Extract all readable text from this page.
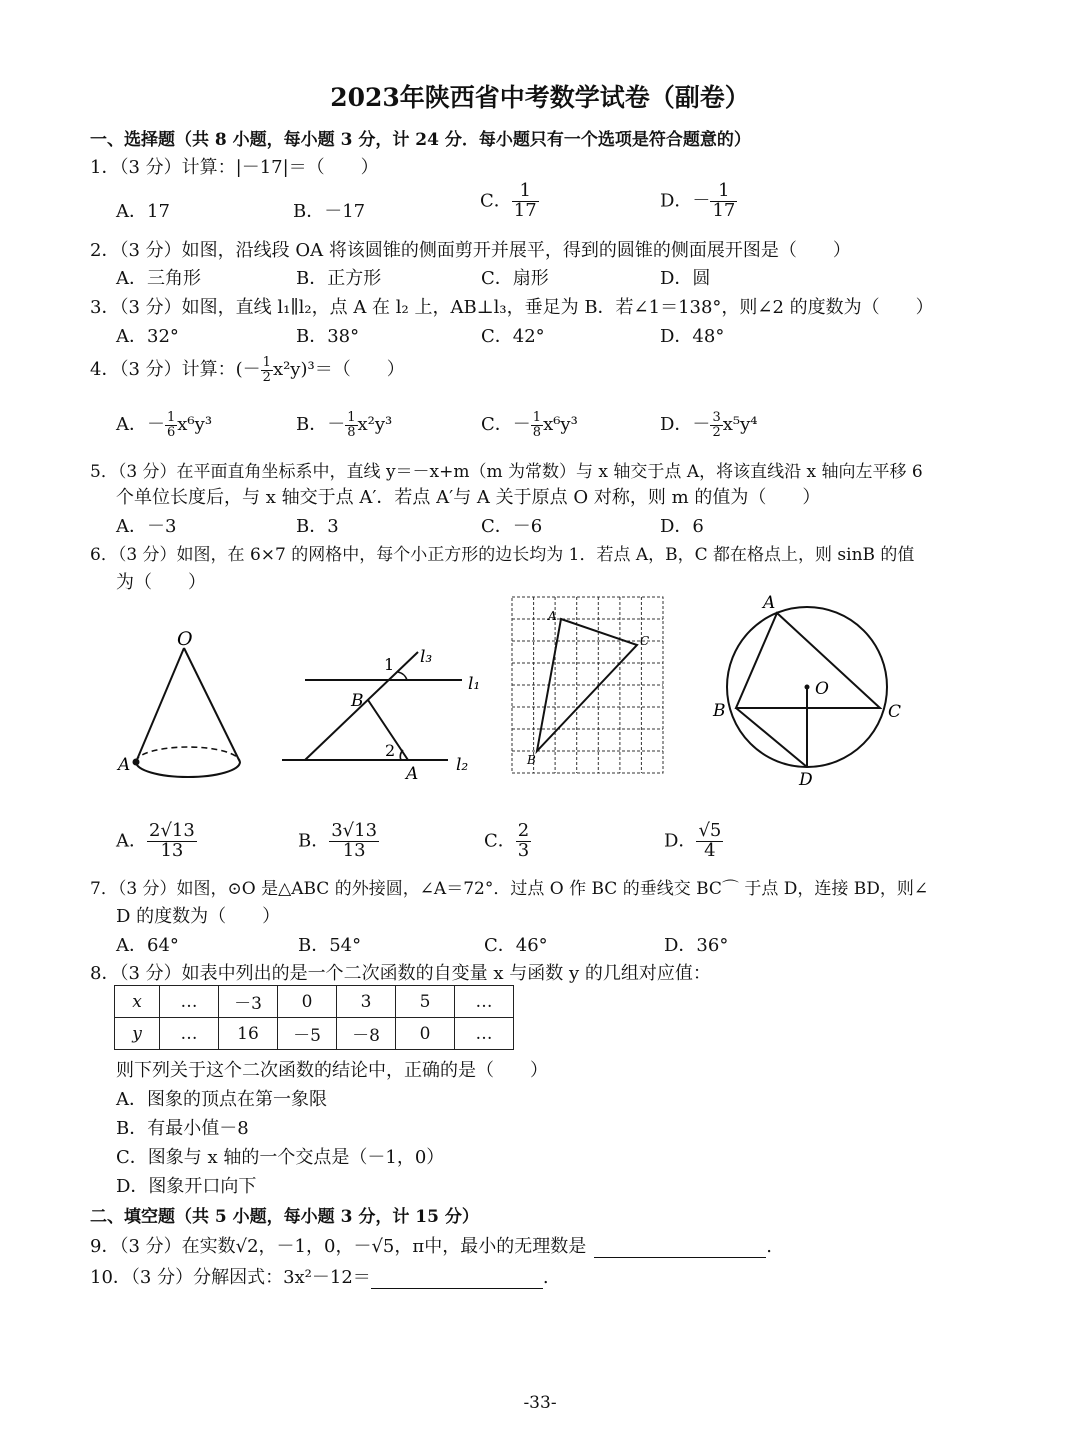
2023年陕西省中考数学试卷（副卷）
一、选择题（共 8 小题，每小题 3 分，计 24 分．每小题只有一个选项是符合题意的）
1．（3 分）计算：|－17|＝（　　）
A．17	B．－17
C． $\frac{1}{17}$	D．－ $\frac{1}{17}$
2．（3 分）如图，沿线段 OA 将该圆锥的侧面剪开并展平，得到的圆锥的侧面展开图是（　　）
A．三角形	B．正方形	C．扇形	D．圆
3．（3 分）如图，直线 l₁∥l₂，点 A 在 l₂ 上，AB⊥l₃，垂足为 B．若∠1＝138°，则∠2 的度数为（　　）
A．32°	B．38°	C．42°	D．48°
4．（3 分）计算：(－ $\frac{1}{2} x^2y)^3=$（　　）
A．－ $\frac{1}{6} x^6y^3$	B．－ $\frac{1}{8} x^2y^3$	C．－ $\frac{1}{8} x^6y^3$	D．－ $\frac{3}{2} x^5y^4$
5．（3 分）在平面直角坐标系中，直线 y＝－x+m（m 为常数）与 x 轴交于点 A，将该直线沿 x 轴向左平移 6
个单位长度后，与 x 轴交于点 A′．若点 A′与 A 关于原点 O 对称，则 m 的值为（　　）
A．－3	B．3	C．－6	D．6
6．（3 分）如图，在 6×7 的网格中，每个小正方形的边长均为 1．若点 A，B，C 都在格点上，则 sinB 的值
为（　　）
O
A
1
2
B
A
l₁
l₂
l₃
A
B
C
A
B	C
D
O
A． $\frac{2√13}{13}$	B． $\frac{3√13}{13}$	C． $\frac{2}{3}$	D． $\frac{√5}{4}$
7．（3 分）如图，⊙O 是△ABC 的外接圆，∠A＝72°．过点 O 作 BC 的垂线交 BC⌒ 于点 D，连接 BD，则∠
D 的度数为（　　）
A．64°	B．54°	C．46°	D．36°
8．（3 分）如表中列出的是一个二次函数的自变量 x 与函数 y 的几组对应值：
x	…	－3	0	3	5	…
y	…	16	－5	－8	0	…
则下列关于这个二次函数的结论中，正确的是（　　）
A．图象的顶点在第一象限
B．有最小值－8
C．图象与 x 轴的一个交点是（－1，0）
D．图象开口向下
二、填空题（共 5 小题，每小题 3 分，计 15 分）
9．（3 分）在实数√2，－1，0，－√5，π中，最小的无理数是	.
10．（3 分）分解因式：3x²－12＝	.
-33-
